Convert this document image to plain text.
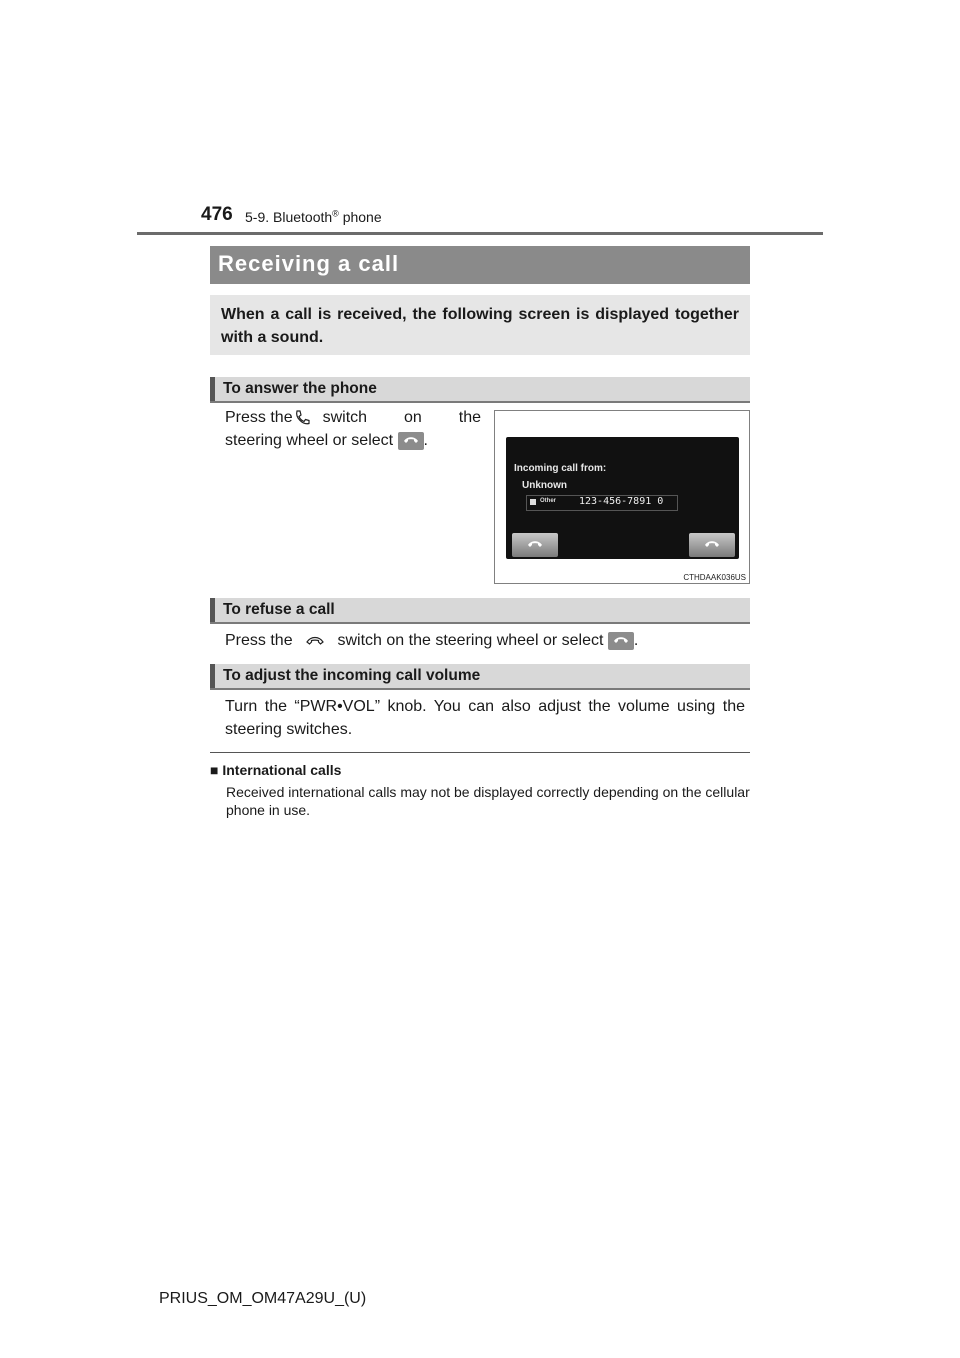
476 5-9. Bluetooth® phone
Receiving a call
When a call is received, the following screen is displayed together with a sound.
To answer the phone
Press the switch on the
steering wheel or select .
Incoming call from:
Unknown
Other 123-456-7891 0
CTHDAAK036US
To refuse a call
Press the	switch on the steering wheel or select .
To adjust the incoming call volume
Turn the “PWR•VOL” knob. You can also adjust the volume using the steering switches.
■ International calls
Received international calls may not be displayed correctly depending on the cellular phone in use.
PRIUS_OM_OM47A29U_(U)
